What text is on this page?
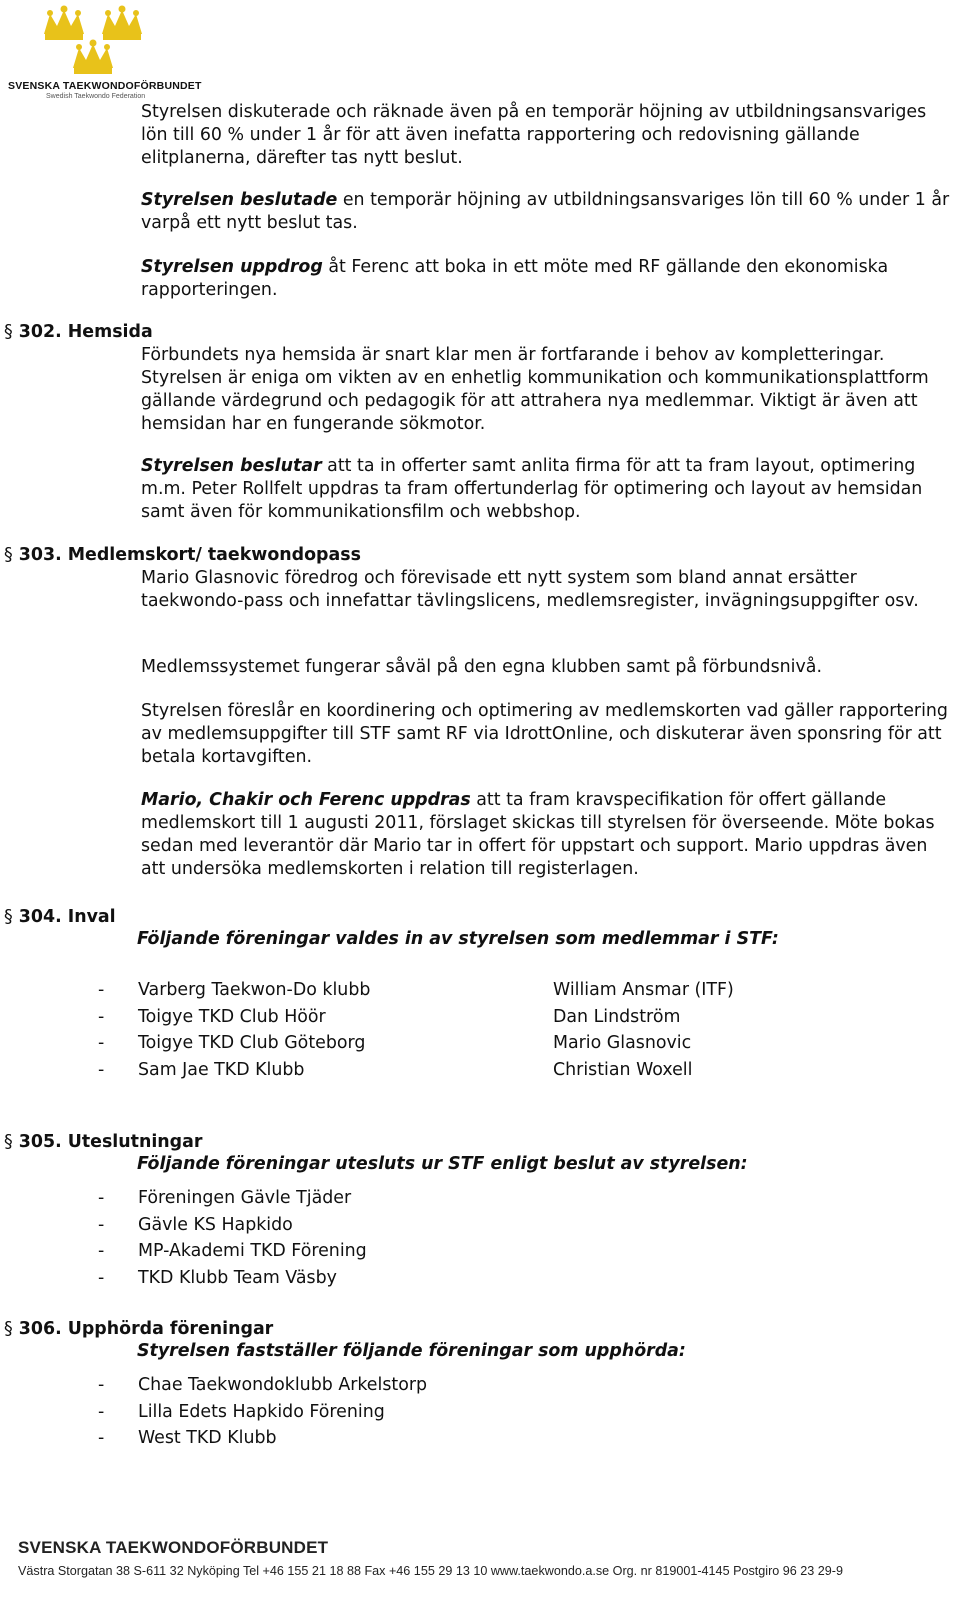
SVENSKA TAEKWONDOFÖRBUNDET
Swedish Taekwondo Federation

Styrelsen diskuterade och räknade även på en temporär höjning av utbildningsansvariges lön till 60 % under 1 år för att även inefatta rapportering och redovisning gällande elitplanerna, därefter tas nytt beslut.

Styrelsen beslutade en temporär höjning av utbildningsansvariges lön till 60 % under 1 år varpå ett nytt beslut tas.

Styrelsen uppdrog åt Ferenc att boka in ett möte med RF gällande den ekonomiska rapporteringen.

§ 302. Hemsida

Förbundets nya hemsida är snart klar men är fortfarande i behov av kompletteringar. Styrelsen är eniga om vikten av en enhetlig kommunikation och kommunikationsplattform gällande värdegrund och pedagogik för att attrahera nya medlemmar. Viktigt är även att hemsidan har en fungerande sökmotor.

Styrelsen beslutar att ta in offerter samt anlita firma för att ta fram layout, optimering m.m. Peter Rollfelt uppdras ta fram offertunderlag för optimering och layout av hemsidan samt även för kommunikationsfilm och webbshop.

§ 303. Medlemskort/ taekwondopass

Mario Glasnovic föredrog och förevisade ett nytt system som bland annat ersätter taekwondo-pass och innefattar tävlingslicens, medlemsregister, invägningsuppgifter osv.

Medlemssystemet fungerar såväl på den egna klubben samt på förbundsnivå.

Styrelsen föreslår en koordinering och optimering av medlemskorten vad gäller rapportering av medlemsuppgifter till STF samt RF via IdrottOnline, och diskuterar även sponsring för att betala kortavgiften.

Mario, Chakir och Ferenc uppdras att ta fram kravspecifikation för offert gällande medlemskort till 1 augusti 2011, förslaget skickas till styrelsen för överseende. Möte bokas sedan med leverantör där Mario tar in offert för uppstart och support. Mario uppdras även att undersöka medlemskorten i relation till registerlagen.

§ 304. Inval
Följande föreningar valdes in av styrelsen som medlemmar i STF:
- Varberg Taekwon-Do klubb	William Ansmar (ITF)
- Toigye TKD Club Höör	Dan Lindström
- Toigye TKD Club Göteborg	Mario Glasnovic
- Sam Jae TKD Klubb	Christian Woxell
§ 305. Uteslutningar
Följande föreningar utesluts ur STF enligt beslut av styrelsen:
- Föreningen Gävle Tjäder
- Gävle KS Hapkido
- MP-Akademi TKD Förening
- TKD Klubb Team Väsby
§ 306. Upphörda föreningar
Styrelsen fastställer följande föreningar som upphörda:
- Chae Taekwondoklubb Arkelstorp
- Lilla Edets Hapkido Förening
- West TKD Klubb
SVENSKA TAEKWONDOFÖRBUNDET
Västra Storgatan 38 S-611 32 Nyköping Tel +46 155 21 18 88 Fax +46 155 29 13 10 www.taekwondo.a.se Org. nr 819001-4145 Postgiro 96 23 29-9
